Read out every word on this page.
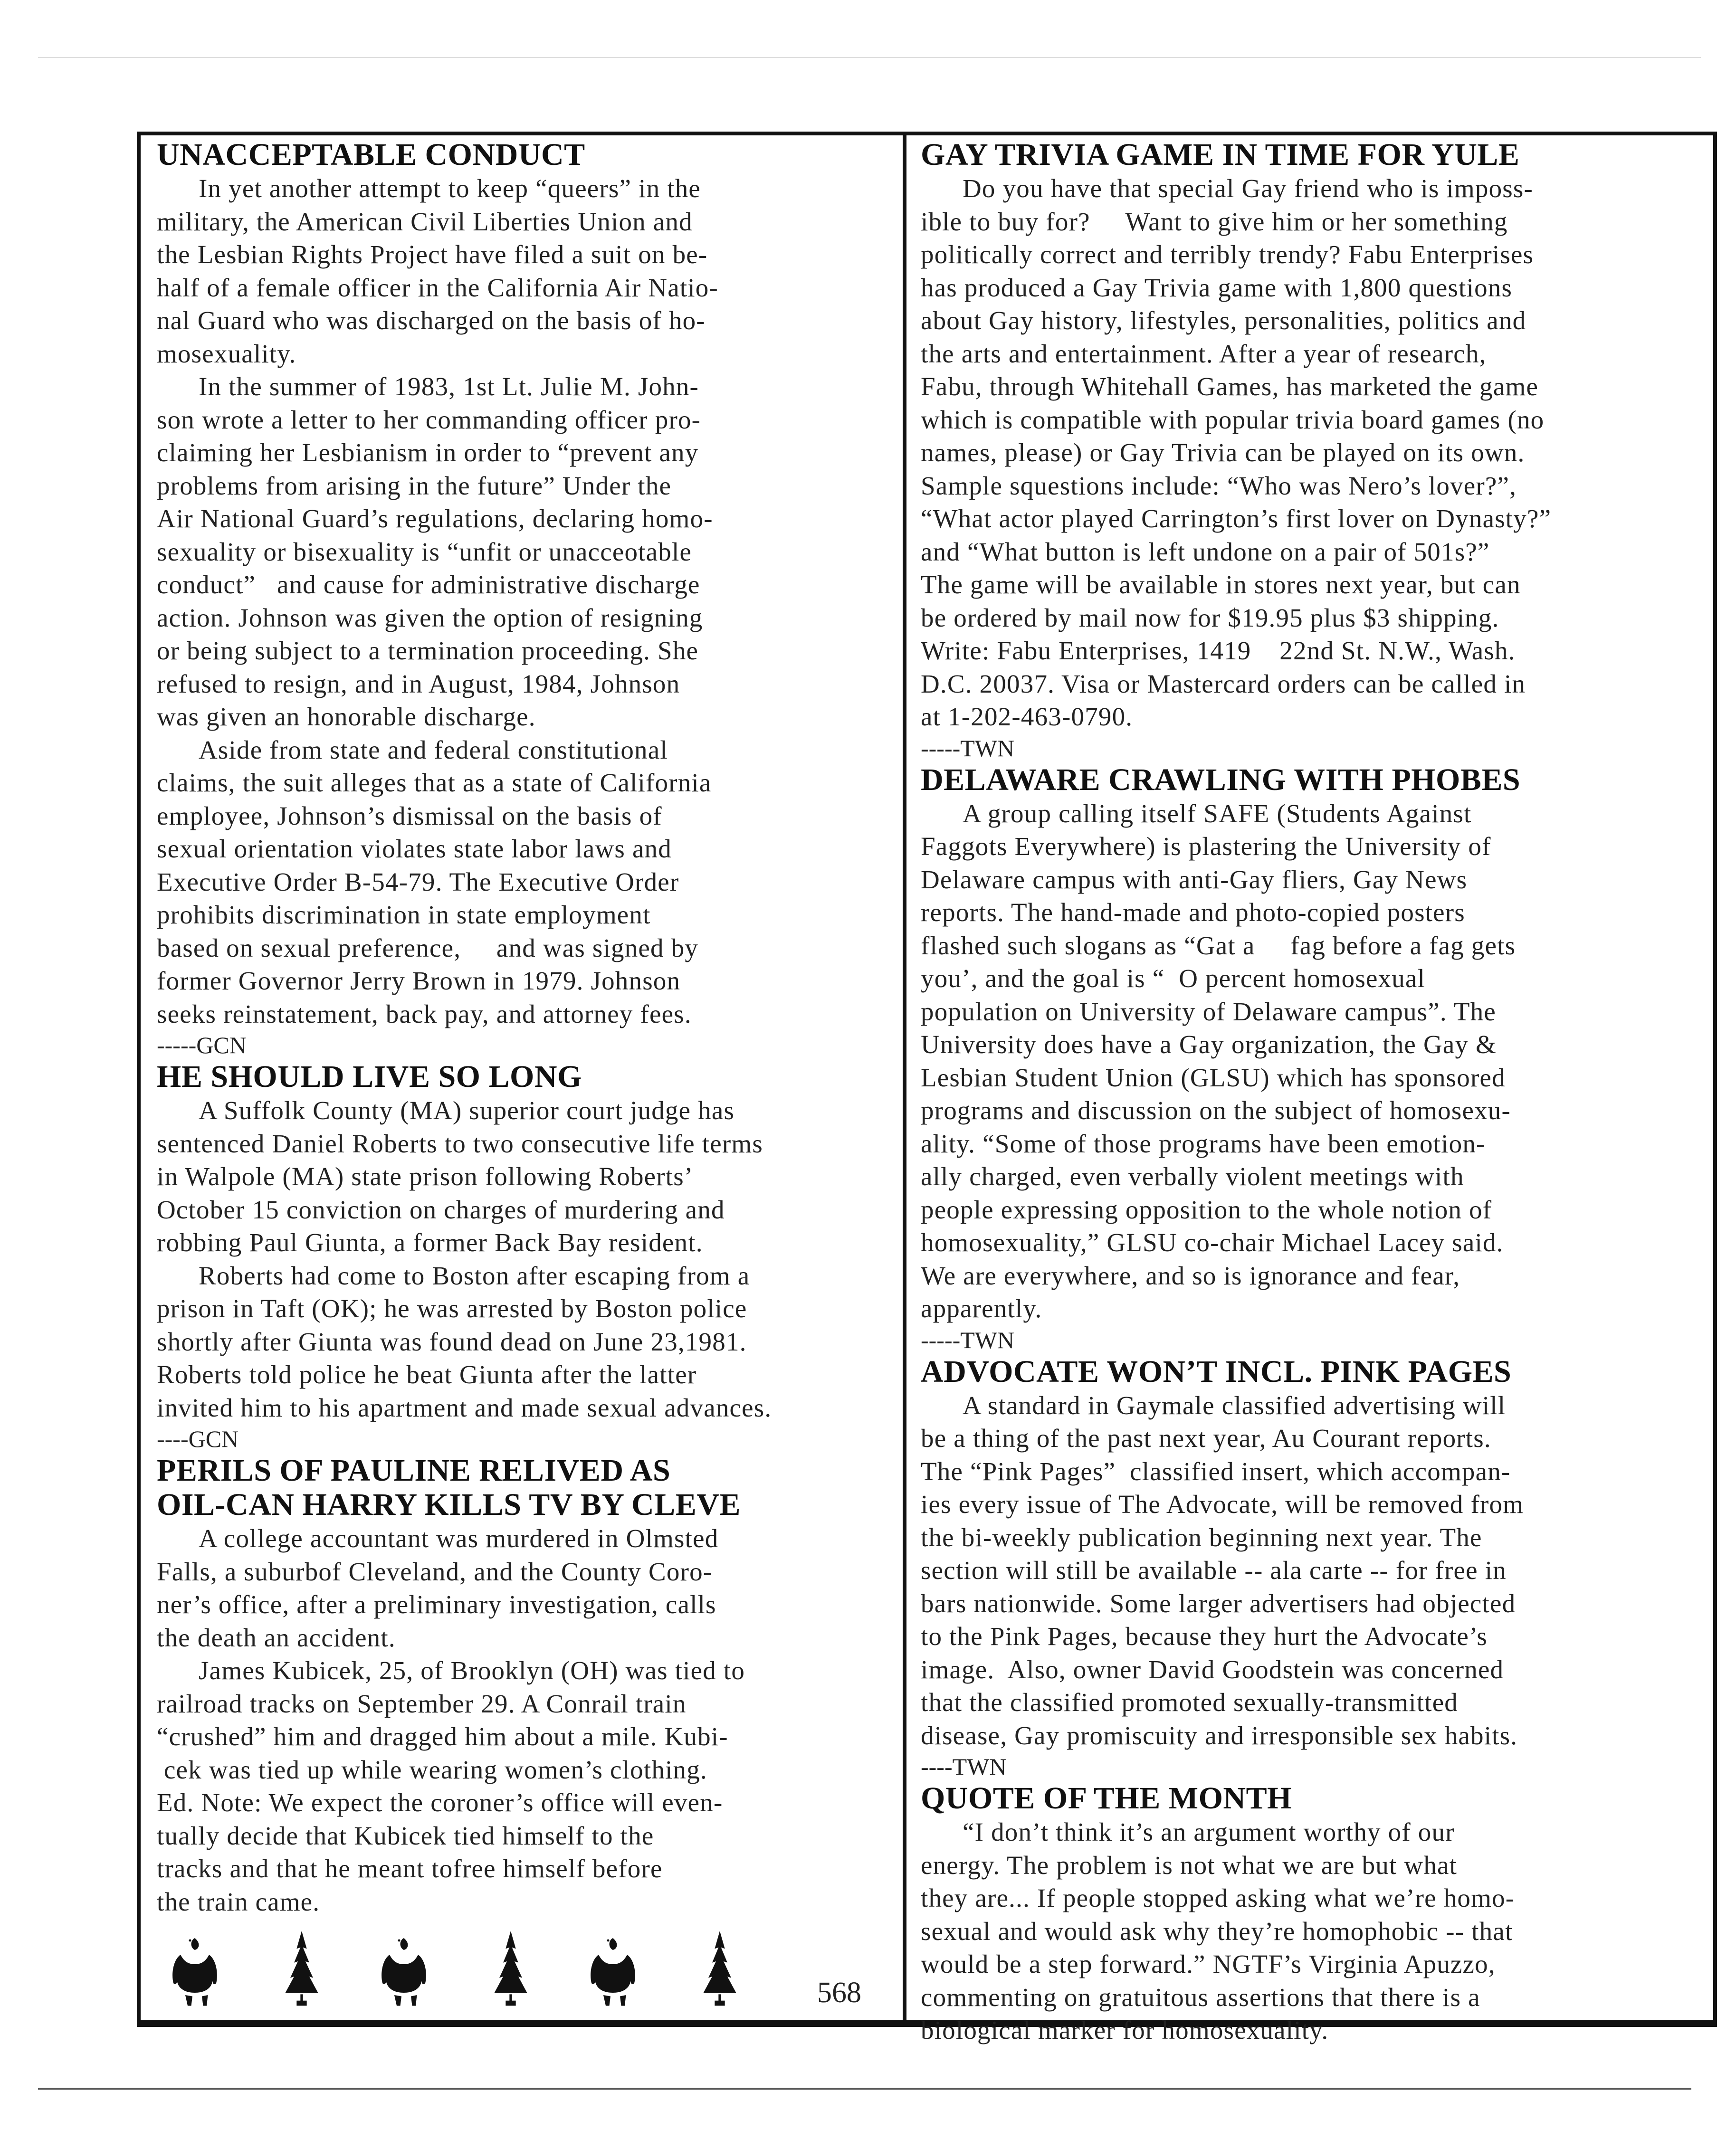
UNACCEPTABLE CONDUCT
In yet another attempt to keep “queers” in the
military, the American Civil Liberties Union and
the Lesbian Rights Project have filed a suit on be-
half of a female officer in the California Air Natio-
nal Guard who was discharged on the basis of ho-
mosexuality.
In the summer of 1983, 1st Lt. Julie M. John-
son wrote a letter to her commanding officer pro-
claiming her Lesbianism in order to “prevent any
problems from arising in the future” Under the
Air National Guard’s regulations, declaring homo-
sexuality or bisexuality is “unfit or unacceotable
conduct”   and cause for administrative discharge
action. Johnson was given the option of resigning
or being subject to a termination proceeding. She
refused to resign, and in August, 1984, Johnson
was given an honorable discharge.
Aside from state and federal constitutional
claims, the suit alleges that as a state of California
employee, Johnson’s dismissal on the basis of
sexual orientation violates state labor laws and
Executive Order B-54-79. The Executive Order
prohibits discrimination in state employment
based on sexual preference,     and was signed by
former Governor Jerry Brown in 1979. Johnson
seeks reinstatement, back pay, and attorney fees.
-----GCN
HE SHOULD LIVE SO LONG
A Suffolk County (MA) superior court judge has
sentenced Daniel Roberts to two consecutive life terms
in Walpole (MA) state prison following Roberts’
October 15 conviction on charges of murdering and
robbing Paul Giunta, a former Back Bay resident.
Roberts had come to Boston after escaping from a
prison in Taft (OK); he was arrested by Boston police
shortly after Giunta was found dead on June 23,1981.
Roberts told police he beat Giunta after the latter
invited him to his apartment and made sexual advances.
----GCN
PERILS OF PAULINE RELIVED AS
OIL-CAN HARRY KILLS TV BY CLEVE
A college accountant was murdered in Olmsted
Falls, a suburbof Cleveland, and the County Coro-
ner’s office, after a preliminary investigation, calls
the death an accident.
James Kubicek, 25, of Brooklyn (OH) was tied to
railroad tracks on September 29. A Conrail train
“crushed” him and dragged him about a mile. Kubi-
cek was tied up while wearing women’s clothing.
Ed. Note: We expect the coroner’s office will even-
tually decide that Kubicek tied himself to the
tracks and that he meant tofree himself before
the train came.
GAY TRIVIA GAME IN TIME FOR YULE
Do you have that special Gay friend who is imposs-
ible to buy for?     Want to give him or her something
politically correct and terribly trendy? Fabu Enterprises
has produced a Gay Trivia game with 1,800 questions
about Gay history, lifestyles, personalities, politics and
the arts and entertainment. After a year of research,
Fabu, through Whitehall Games, has marketed the game
which is compatible with popular trivia board games (no
names, please) or Gay Trivia can be played on its own.
Sample squestions include: “Who was Nero’s lover?”,
“What actor played Carrington’s first lover on Dynasty?”
and “What button is left undone on a pair of 501s?”
The game will be available in stores next year, but can
be ordered by mail now for $19.95 plus $3 shipping.
Write: Fabu Enterprises, 1419    22nd St. N.W., Wash.
D.C. 20037. Visa or Mastercard orders can be called in
at 1-202-463-0790.
-----TWN
DELAWARE CRAWLING WITH PHOBES
A group calling itself SAFE (Students Against
Faggots Everywhere) is plastering the University of
Delaware campus with anti-Gay fliers, Gay News
reports. The hand-made and photo-copied posters
flashed such slogans as “Gat a     fag before a fag gets
you’, and the goal is “  O percent homosexual
population on University of Delaware campus”. The
University does have a Gay organization, the Gay &
Lesbian Student Union (GLSU) which has sponsored
programs and discussion on the subject of homosexu-
ality. “Some of those programs have been emotion-
ally charged, even verbally violent meetings with
people expressing opposition to the whole notion of
homosexuality,” GLSU co-chair Michael Lacey said.
We are everywhere, and so is ignorance and fear,
apparently.
-----TWN
ADVOCATE WON’T INCL. PINK PAGES
A standard in Gaymale classified advertising will
be a thing of the past next year, Au Courant reports.
The “Pink Pages”  classified insert, which accompan-
ies every issue of The Advocate, will be removed from
the bi-weekly publication beginning next year. The
section will still be available -- ala carte -- for free in
bars nationwide. Some larger advertisers had objected
to the Pink Pages, because they hurt the Advocate’s
image.  Also, owner David Goodstein was concerned
that the classified promoted sexually-transmitted
disease, Gay promiscuity and irresponsible sex habits.
----TWN
QUOTE OF THE MONTH
“I don’t think it’s an argument worthy of our
energy. The problem is not what we are but what
they are... If people stopped asking what we’re homo-
sexual and would ask why they’re homophobic -- that
would be a step forward.” NGTF’s Virginia Apuzzo,
commenting on gratuitous assertions that there is a
biological marker for homosexuality.
568
